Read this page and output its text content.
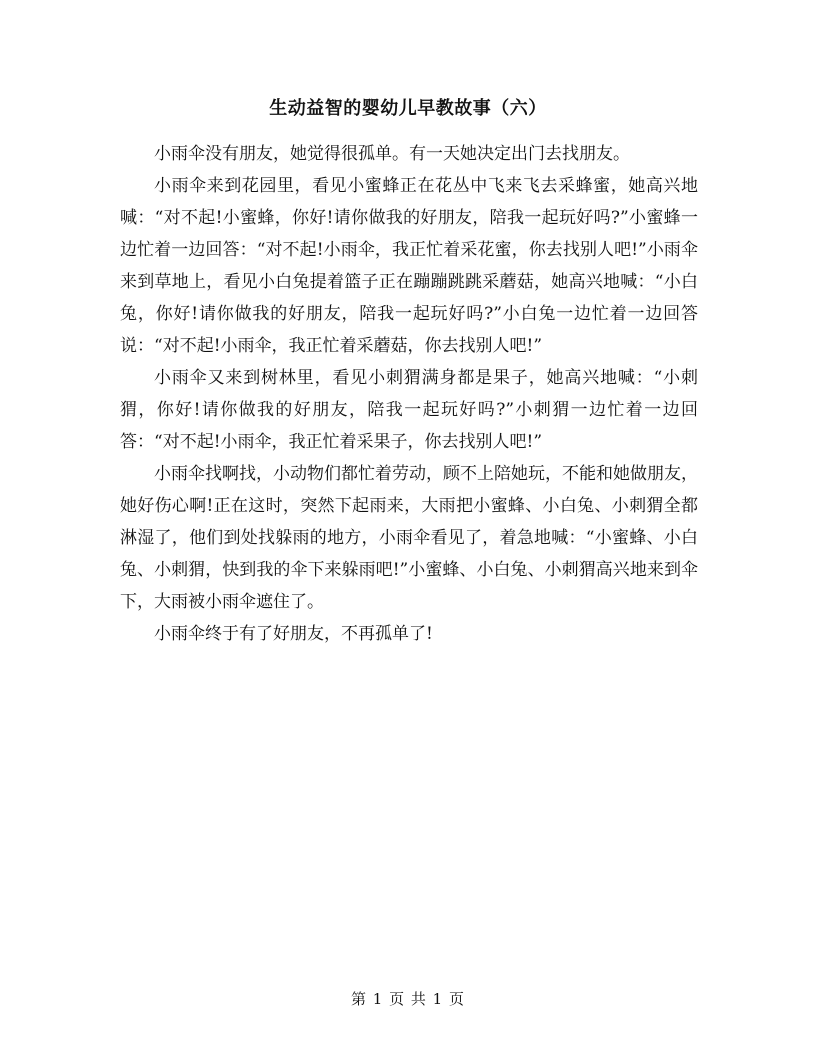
生动益智的婴幼儿早教故事（六）

小雨伞没有朋友，她觉得很孤单。有一天她决定出门去找朋友。

小雨伞来到花园里，看见小蜜蜂正在花丛中飞来飞去采蜂蜜，她高兴地喊：“对不起!小蜜蜂，你好!请你做我的好朋友，陪我一起玩好吗?”小蜜蜂一边忙着一边回答：“对不起!小雨伞，我正忙着采花蜜，你去找别人吧!”小雨伞来到草地上，看见小白兔提着篮子正在蹦蹦跳跳采蘑菇，她高兴地喊：“小白兔，你好!请你做我的好朋友，陪我一起玩好吗?”小白兔一边忙着一边回答说：“对不起!小雨伞，我正忙着采蘑菇，你去找别人吧!”

小雨伞又来到树林里，看见小刺猬满身都是果子，她高兴地喊：“小刺猬，你好!请你做我的好朋友，陪我一起玩好吗?”小刺猬一边忙着一边回答：“对不起!小雨伞，我正忙着采果子，你去找别人吧!”

小雨伞找啊找，小动物们都忙着劳动，顾不上陪她玩，不能和她做朋友，她好伤心啊!正在这时，突然下起雨来，大雨把小蜜蜂、小白兔、小刺猬全都淋湿了，他们到处找躲雨的地方，小雨伞看见了，着急地喊：“小蜜蜂、小白兔、小刺猬，快到我的伞下来躲雨吧!”小蜜蜂、小白兔、小刺猬高兴地来到伞下，大雨被小雨伞遮住了。

小雨伞终于有了好朋友，不再孤单了!

第 1 页 共 1 页
